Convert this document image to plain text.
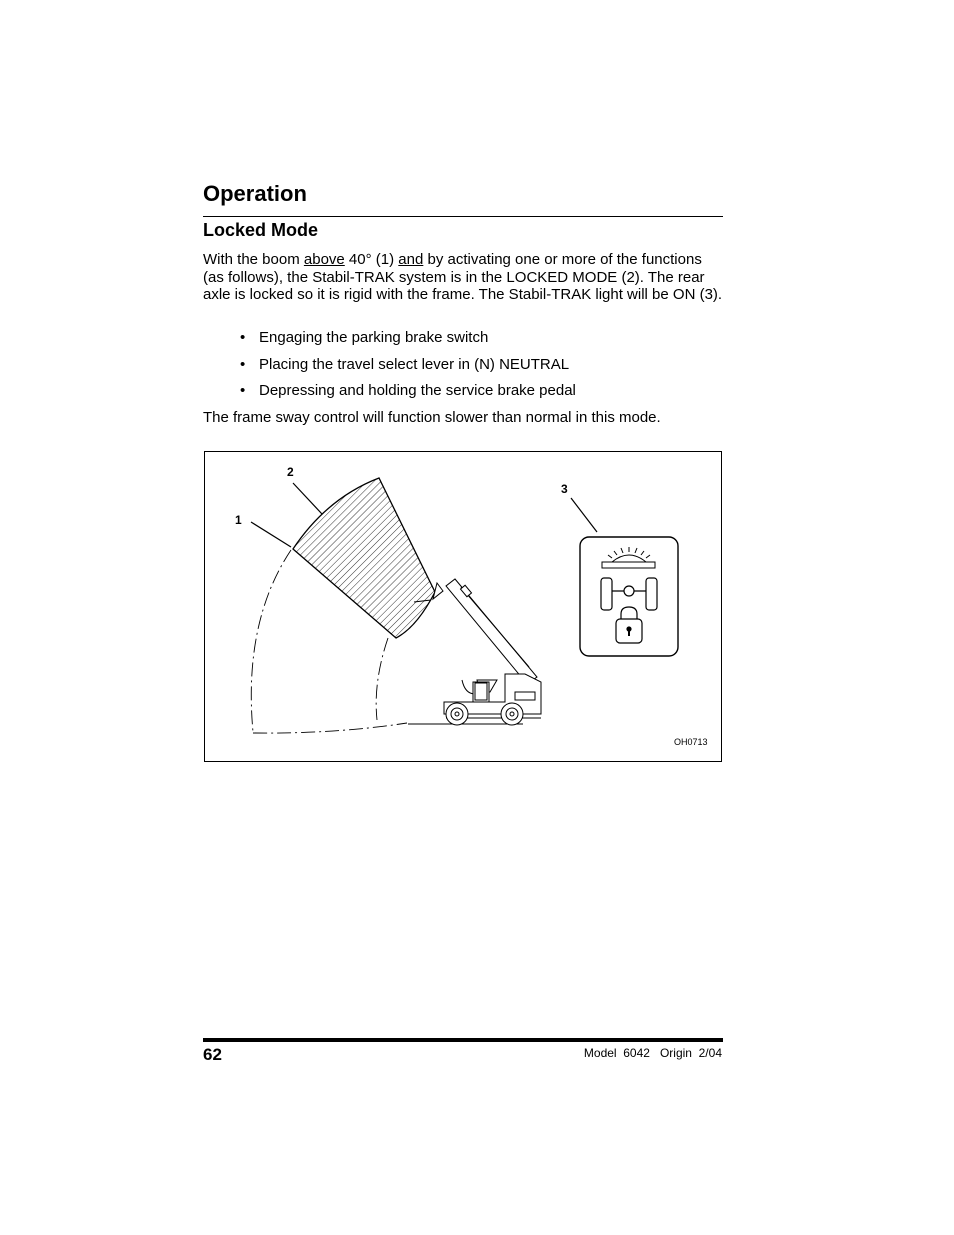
Operation
Locked Mode

With the boom above 40° (1) and by activating one or more of the functions (as follows), the Stabil-TRAK system is in the LOCKED MODE (2). The rear axle is locked so it is rigid with the frame. The Stabil-TRAK light will be ON (3).

• Engaging the parking brake switch
• Placing the travel select lever in (N) NEUTRAL
• Depressing and holding the service brake pedal

The frame sway control will function slower than normal in this mode.

1
2
3
OH0713
62	Model  6042   Origin  2/04
